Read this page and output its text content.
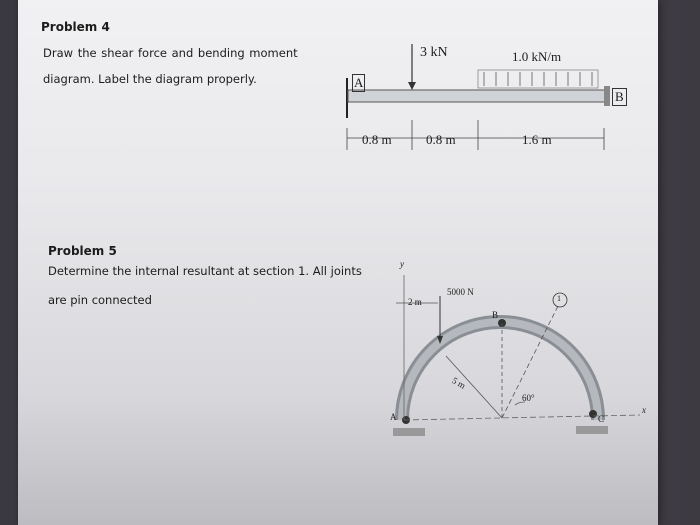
Problem 4
Draw the shear force and bending moment
diagram. Label the diagram properly.
3 kN	1.0 kN/m
A
B
0.8 m	0.8 m	1.6 m
Problem 5
Determine the internal resultant at section 1. All joints
are pin connected
y
x
5000 N
2 m
5 m
60°
A
B
C
1
